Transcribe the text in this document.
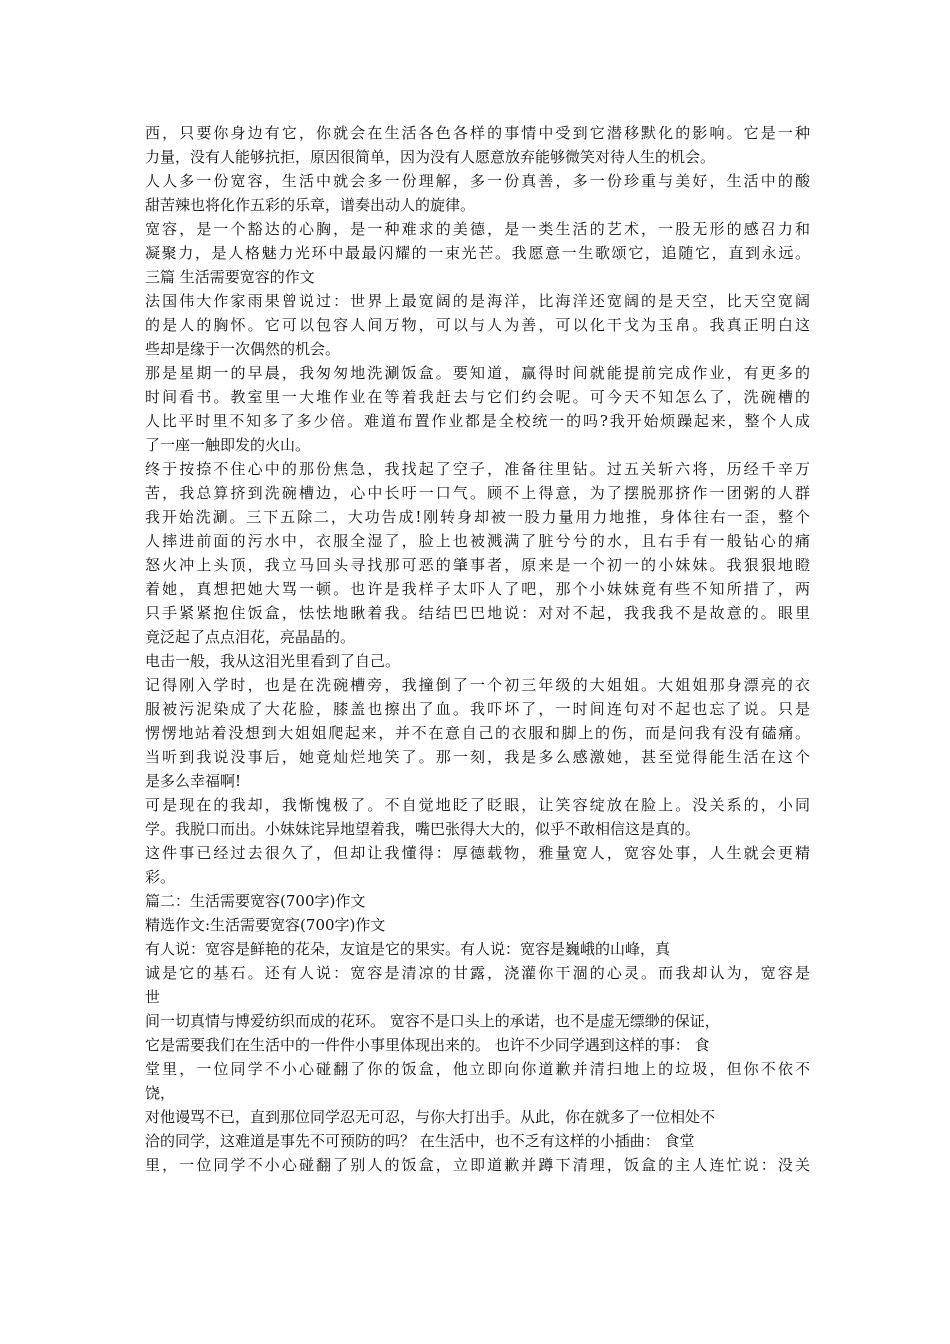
西，只要你身边有它，你就会在生活各色各样的事情中受到它潜移默化的影响。它是一种
力量，没有人能够抗拒，原因很简单，因为没有人愿意放弃能够微笑对待人生的机会。
人人多一份宽容，生活中就会多一份理解，多一份真善，多一份珍重与美好，生活中的酸
甜苦辣也将化作五彩的乐章，谱奏出动人的旋律。
宽容，是一个豁达的心胸，是一种难求的美德，是一类生活的艺术，一股无形的感召力和
凝聚力，是人格魅力光环中最最闪耀的一束光芒。我愿意一生歌颂它，追随它，直到永远。
三篇 生活需要宽容的作文
法国伟大作家雨果曾说过：世界上最宽阔的是海洋，比海洋还宽阔的是天空，比天空宽阔
的是人的胸怀。它可以包容人间万物，可以与人为善，可以化干戈为玉帛。我真正明白这
些却是缘于一次偶然的机会。
那是星期一的早晨，我匆匆地洗涮饭盒。要知道，赢得时间就能提前完成作业，有更多的
时间看书。教室里一大堆作业在等着我赶去与它们约会呢。可今天不知怎么了，洗碗槽的
人比平时里不知多了多少倍。难道布置作业都是全校统一的吗?我开始烦躁起来，整个人成
了一座一触即发的火山。
终于按捺不住心中的那份焦急，我找起了空子，准备往里钻。过五关斩六将，历经千辛万
苦，我总算挤到洗碗槽边，心中长吁一口气。顾不上得意，为了摆脱那挤作一团粥的人群
我开始洗涮。三下五除二，大功告成!刚转身却被一股力量用力地推，身体往右一歪，整个
人摔进前面的污水中，衣服全湿了，脸上也被溅满了脏兮兮的水，且右手有一般钻心的痛
怒火冲上头顶，我立马回头寻找那可恶的肇事者，原来是一个初一的小妹妹。我狠狠地瞪
着她，真想把她大骂一顿。也许是我样子太吓人了吧，那个小妹妹竟有些不知所措了，两
只手紧紧抱住饭盒，怯怯地瞅着我。结结巴巴地说：对对不起，我我我不是故意的。眼里
竟泛起了点点泪花，亮晶晶的。
电击一般，我从这泪光里看到了自己。
记得刚入学时，也是在洗碗槽旁，我撞倒了一个初三年级的大姐姐。大姐姐那身漂亮的衣
服被污泥染成了大花脸，膝盖也擦出了血。我吓坏了，一时间连句对不起也忘了说。只是
愣愣地站着没想到大姐姐爬起来，并不在意自己的衣服和脚上的伤，而是问我有没有磕痛。
当听到我说没事后，她竟灿烂地笑了。那一刻，我是多么感激她，甚至觉得能生活在这个
是多么幸福啊!
可是现在的我却，我惭愧极了。不自觉地眨了眨眼，让笑容绽放在脸上。没关系的，小同
学。我脱口而出。小妹妹诧异地望着我，嘴巴张得大大的，似乎不敢相信这是真的。
这件事已经过去很久了，但却让我懂得：厚德载物，雅量宽人，宽容处事，人生就会更精
彩。
篇二：生活需要宽容(700字)作文
精选作文:生活需要宽容(700字)作文
有人说：宽容是鲜艳的花朵，友谊是它的果实。有人说：宽容是巍峨的山峰，真
诚是它的基石。还有人说：宽容是清凉的甘露，浇灌你干涸的心灵。而我却认为，宽容是
世
间一切真情与博爱纺织而成的花环。 宽容不是口头上的承诺，也不是虚无缥缈的保证，
它是需要我们在生活中的一件件小事里体现出来的。 也许不少同学遇到这样的事： 食
堂里，一位同学不小心碰翻了你的饭盒，他立即向你道歉并清扫地上的垃圾，但你不依不
饶，
对他谩骂不已，直到那位同学忍无可忍，与你大打出手。从此，你在就多了一位相处不
洽的同学，这难道是事先不可预防的吗？ 在生活中，也不乏有这样的小插曲： 食堂
里，一位同学不小心碰翻了别人的饭盒，立即道歉并蹲下清理，饭盒的主人连忙说：没关
